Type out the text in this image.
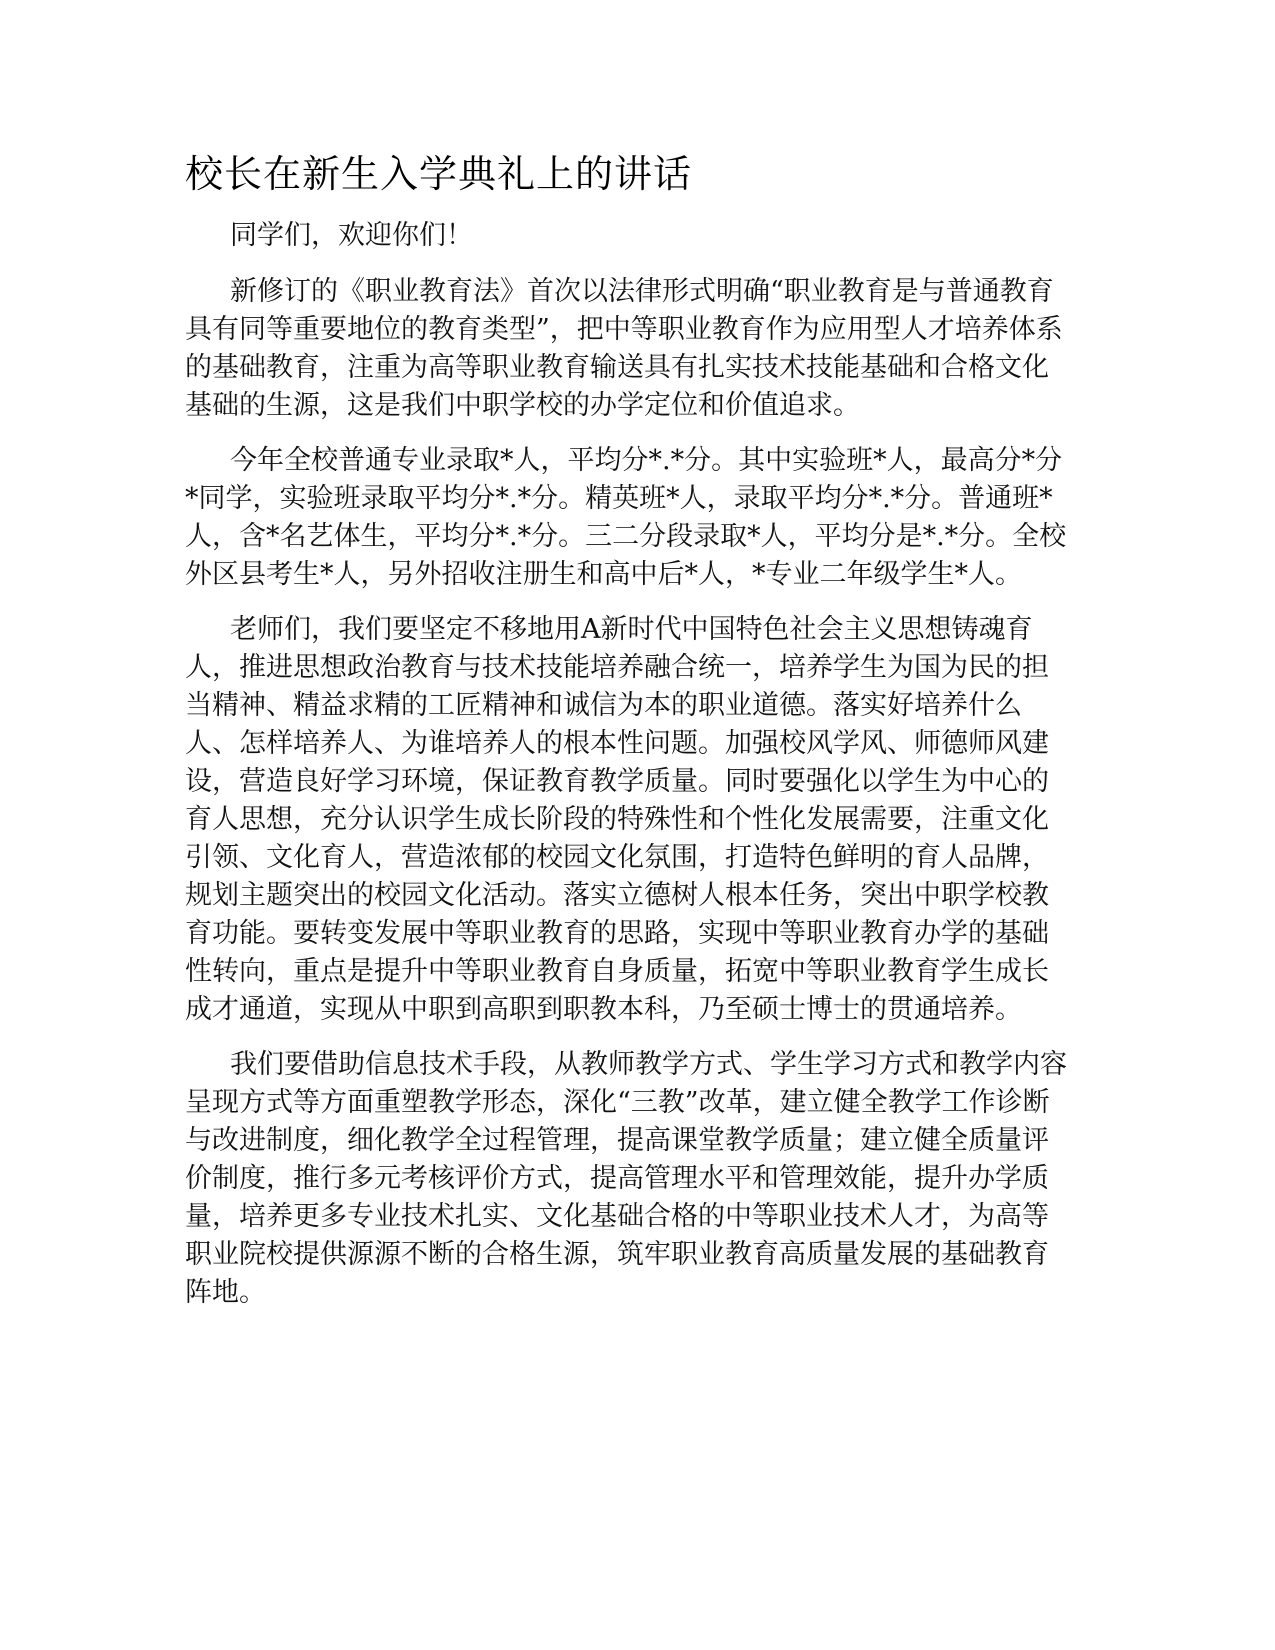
校长在新生入学典礼上的讲话

同学们，欢迎你们！

新修订的《职业教育法》首次以法律形式明确“职业教育是与普通教育具有同等重要地位的教育类型”，把中等职业教育作为应用型人才培养体系的基础教育，注重为高等职业教育输送具有扎实技术技能基础和合格文化基础的生源，这是我们中职学校的办学定位和价值追求。

今年全校普通专业录取*人，平均分*.*分。其中实验班*人，最高分*分*同学，实验班录取平均分*.*分。精英班*人，录取平均分*.*分。普通班*人，含*名艺体生，平均分*.*分。三二分段录取*人，平均分是*.*分。全校外区县考生*人，另外招收注册生和高中后*人，*专业二年级学生*人。

老师们，我们要坚定不移地用A新时代中国特色社会主义思想铸魂育人，推进思想政治教育与技术技能培养融合统一，培养学生为国为民的担当精神、精益求精的工匠精神和诚信为本的职业道德。落实好培养什么人、怎样培养人、为谁培养人的根本性问题。加强校风学风、师德师风建设，营造良好学习环境，保证教育教学质量。同时要强化以学生为中心的育人思想，充分认识学生成长阶段的特殊性和个性化发展需要，注重文化引领、文化育人，营造浓郁的校园文化氛围，打造特色鲜明的育人品牌，规划主题突出的校园文化活动。落实立德树人根本任务，突出中职学校教育功能。要转变发展中等职业教育的思路，实现中等职业教育办学的基础性转向，重点是提升中等职业教育自身质量，拓宽中等职业教育学生成长成才通道，实现从中职到高职到职教本科，乃至硕士博士的贯通培养。

我们要借助信息技术手段，从教师教学方式、学生学习方式和教学内容呈现方式等方面重塑教学形态，深化“三教”改革，建立健全教学工作诊断与改进制度，细化教学全过程管理，提高课堂教学质量；建立健全质量评价制度，推行多元考核评价方式，提高管理水平和管理效能，提升办学质量，培养更多专业技术扎实、文化基础合格的中等职业技术人才，为高等职业院校提供源源不断的合格生源，筑牢职业教育高质量发展的基础教育阵地。
